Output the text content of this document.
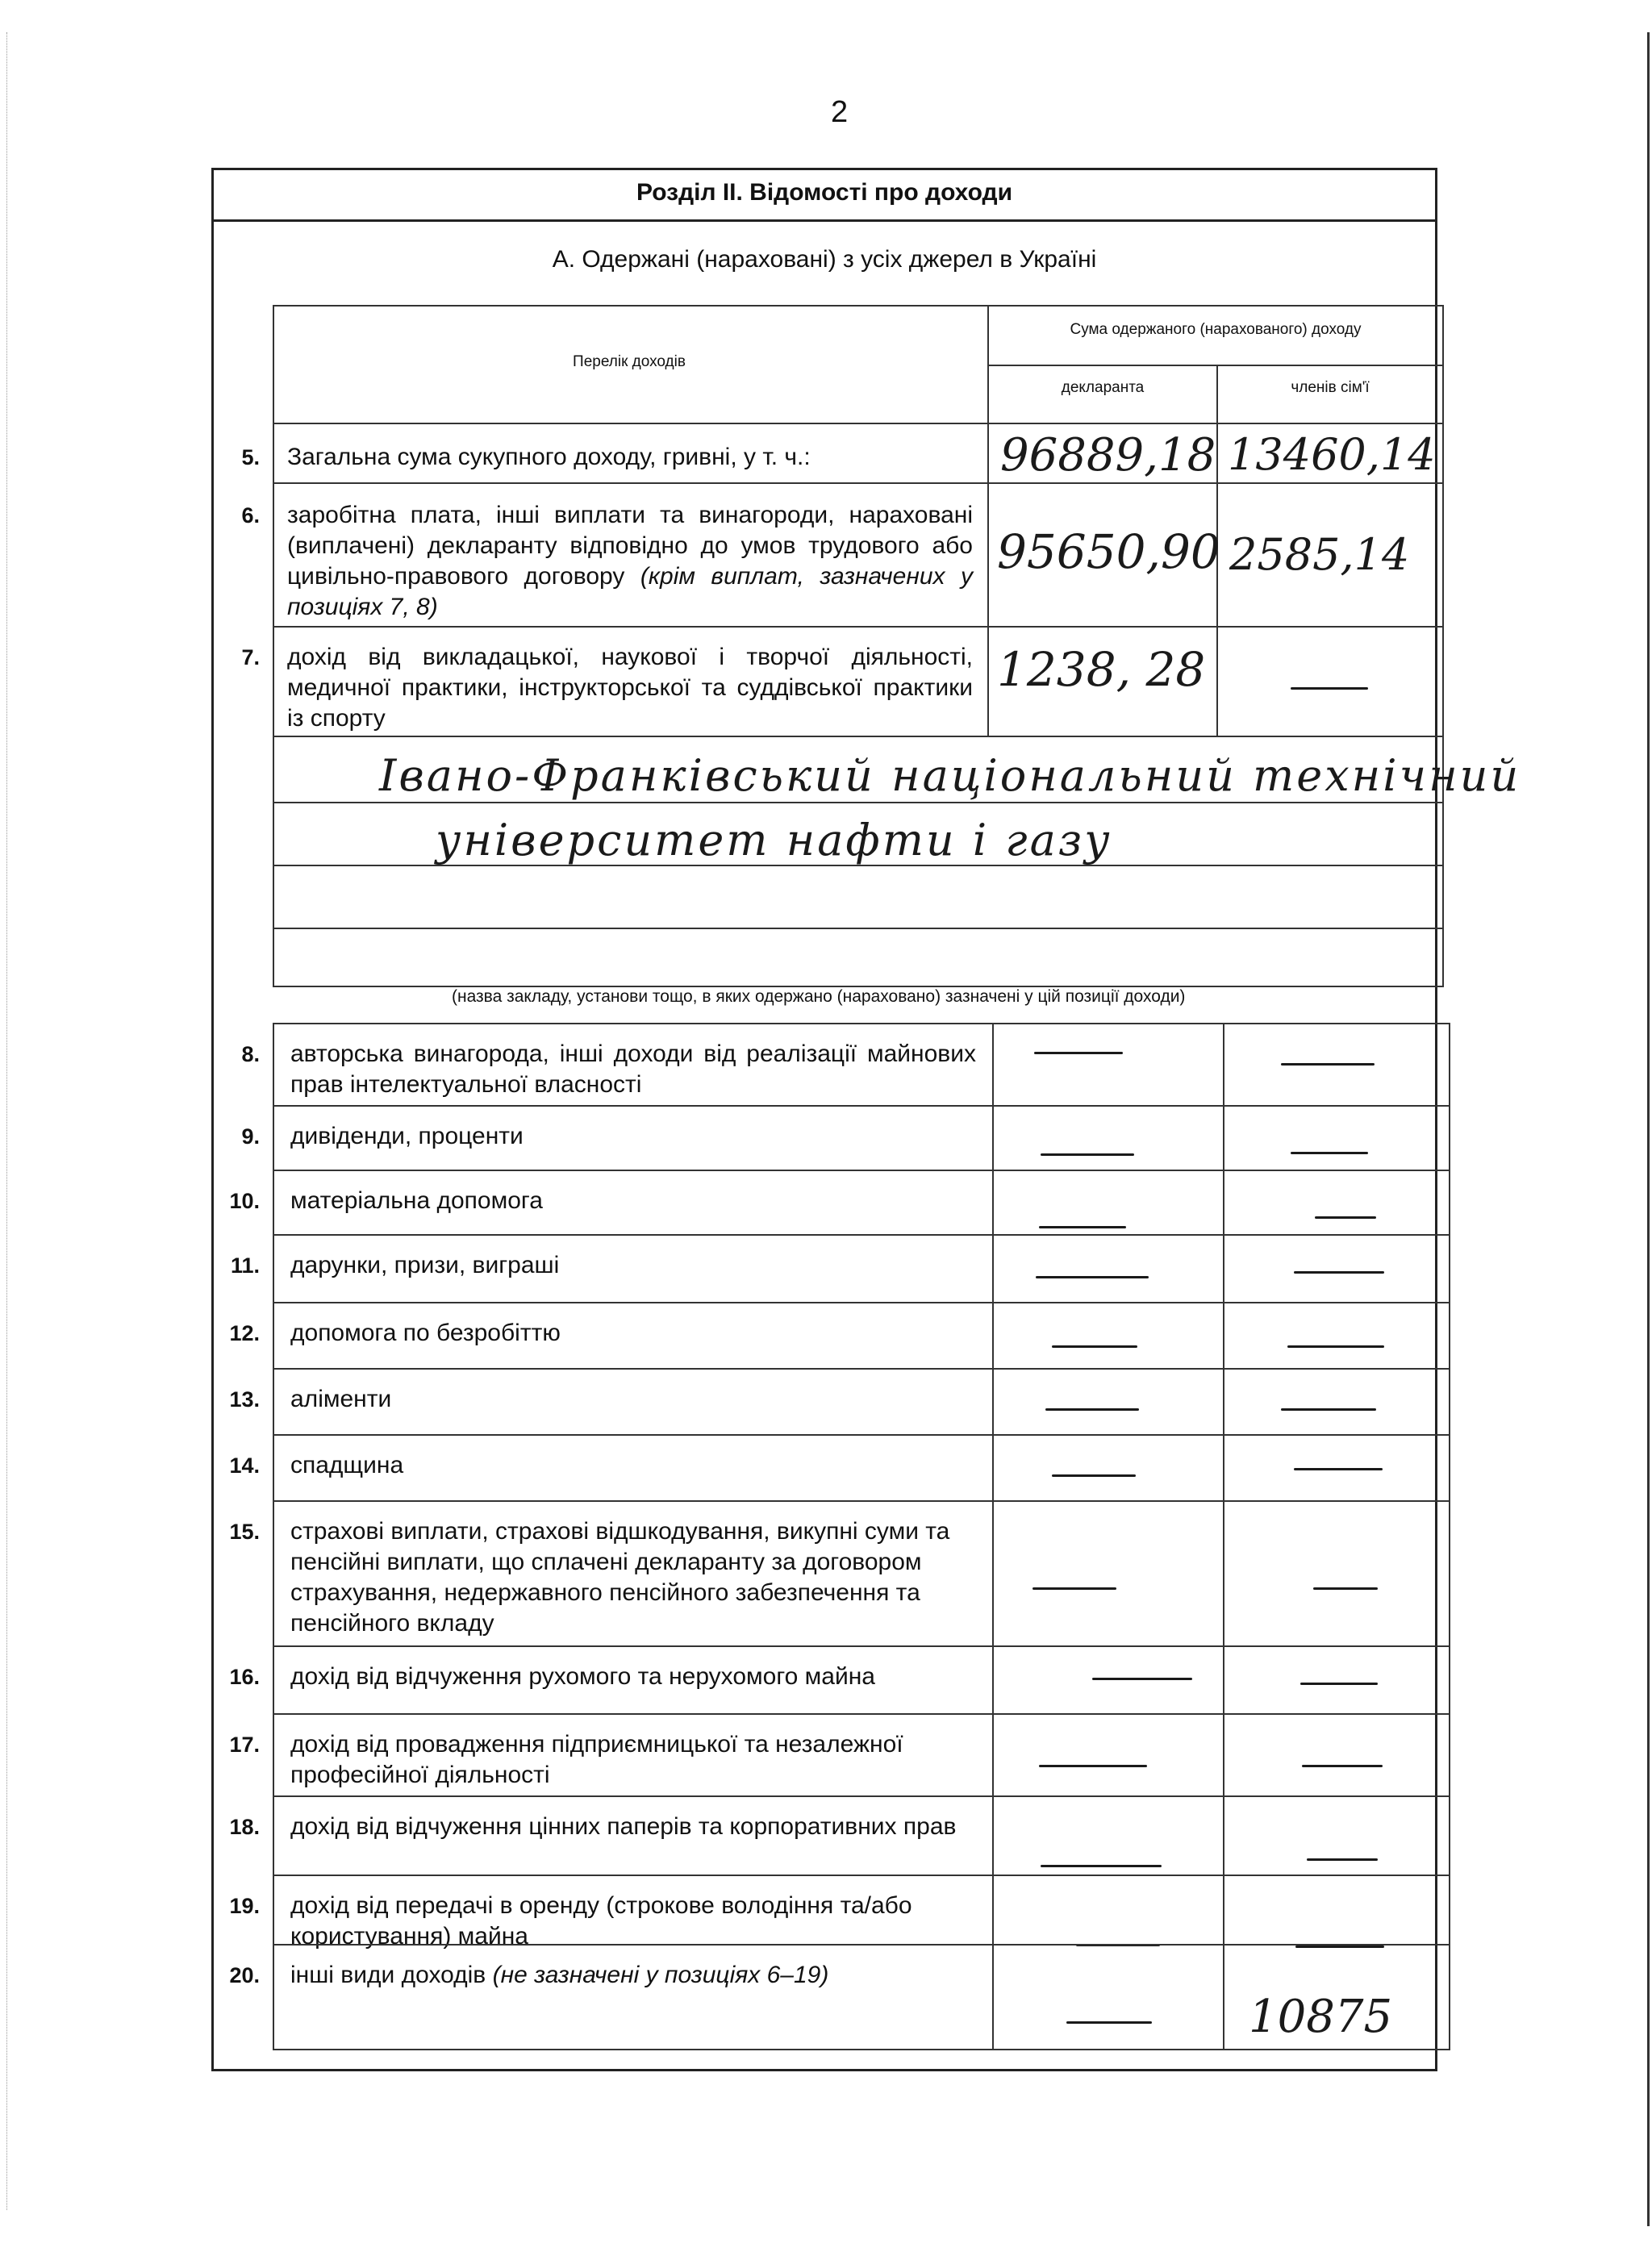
2
Розділ II. Відомості про доходи
А. Одержані (нараховані) з усіх джерел в Україні
Перелік доходів
Сума одержаного (нарахованого) доходу
декларанта	членів сім'ї
5. Загальна сума сукупного доходу, гривні, у т. ч.:	96889,18 13460,14
6. заробітна плата, інші виплати та винагороди, нараховані (виплачені) декларанту відповідно до умов трудового або цивільно-правового договору (крім виплат, зазначених у позиціях 7, 8)
95650,90 2585,14
7. дохід від викладацької, наукової і творчої діяльності, медичної практики, інструкторської та суддівської практики із спорту
1238, 28
Івано-Франківський національний технічний
університет нафти і газу
(назва закладу, установи тощо, в яких одержано (нараховано) зазначені у цій позиції доходи)
8. авторська винагорода, інші доходи від реалізації майнових прав інтелектуальної власності
9. дивіденди, проценти
10. матеріальна допомога
11. дарунки, призи, виграші
12. допомога по безробіттю
13. аліменти
14. спадщина
15. страхові виплати, страхові відшкодування, викупні суми та пенсійні виплати, що сплачені декларанту за договором страхування, недержавного пенсійного забезпечення та пенсійного вкладу
16. дохід від відчуження рухомого та нерухомого майна
17. дохід від провадження підприємницької та незалежної професійної діяльності
18. дохід від відчуження цінних паперів та корпоративних прав
19. дохід від передачі в оренду (строкове володіння та/або користування) майна
20. інші види доходів (не зазначені у позиціях 6–19)
10875
